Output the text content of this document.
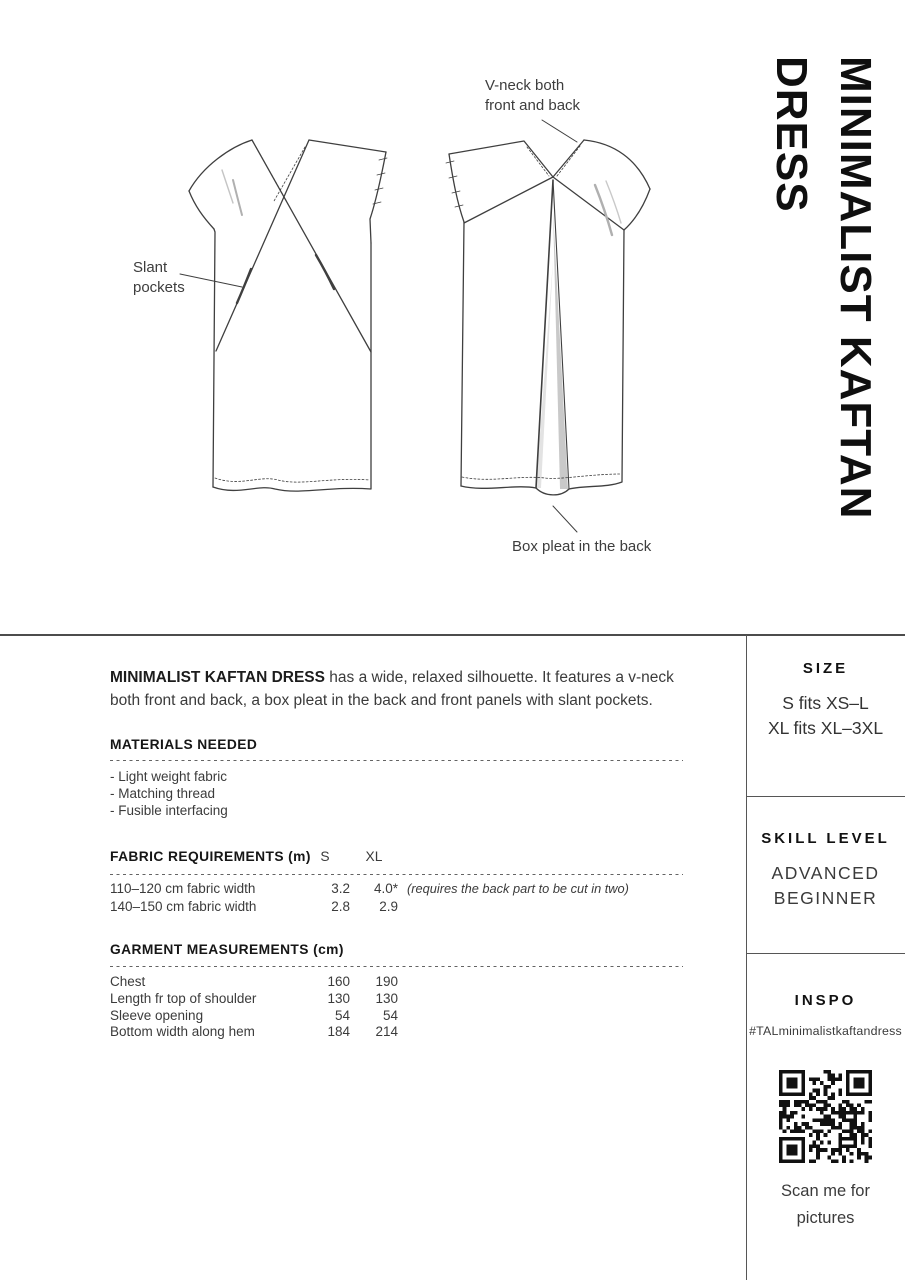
V-neck both
front and back
Slant
pockets
Box pleat in the back
MINIMALIST KAFTAN
DRESS

MINIMALIST KAFTAN DRESS has a wide, relaxed silhouette. It features a v-neck both front and back, a box pleat in the back and front panels with slant pockets.

MATERIALS NEEDED
- Light weight fabric
- Matching thread
- Fusible interfacing
FABRIC REQUIREMENTS (m) S	XL
110–120 cm fabric width	3.2	4.0* (requires the back part to be cut in two)
140–150 cm fabric width	2.8	2.9
GARMENT MEASUREMENTS (cm)
Chest	160	190
Length fr top of shoulder	130	130
Sleeve opening	54	54
Bottom width along hem	184	214
SIZE
S fits XS–L
XL fits XL–3XL
SKILL LEVEL
ADVANCED
BEGINNER
INSPO
#TALminimalistkaftandress
Scan me for
pictures
